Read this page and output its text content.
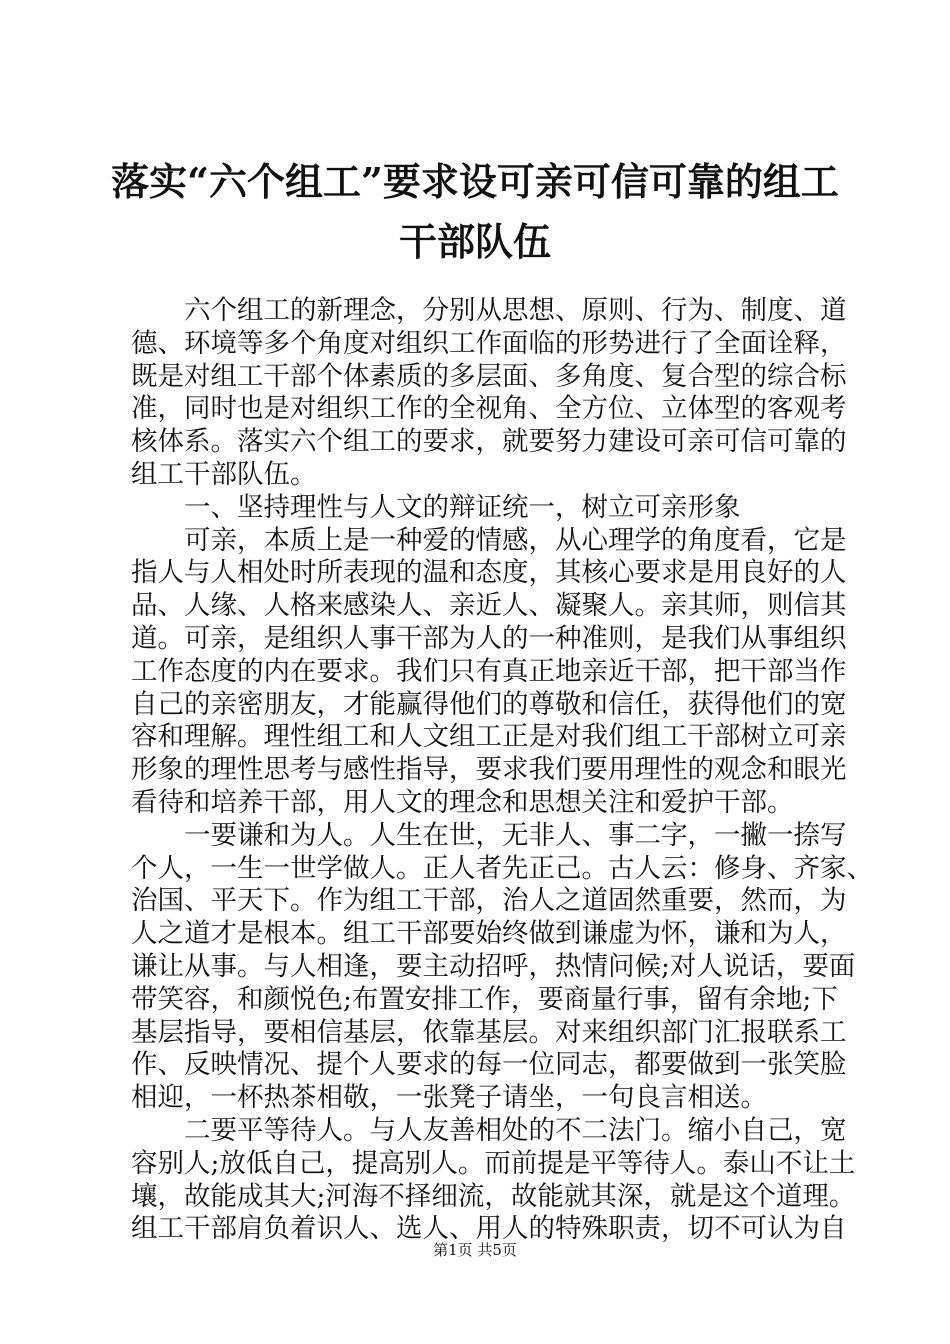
落实“六个组工”要求设可亲可信可靠的组工
干部队伍

　　六个组工的新理念，分别从思想、原则、行为、制度、道

德、环境等多个角度对组织工作面临的形势进行了全面诠释，

既是对组工干部个体素质的多层面、多角度、复合型的综合标

准，同时也是对组织工作的全视角、全方位、立体型的客观考

核体系。落实六个组工的要求，就要努力建设可亲可信可靠的

组工干部队伍。

　　一、坚持理性与人文的辩证统一，树立可亲形象

　　可亲，本质上是一种爱的情感，从心理学的角度看，它是

指人与人相处时所表现的温和态度，其核心要求是用良好的人

品、人缘、人格来感染人、亲近人、凝聚人。亲其师，则信其

道。可亲，是组织人事干部为人的一种准则，是我们从事组织

工作态度的内在要求。我们只有真正地亲近干部，把干部当作

自己的亲密朋友，才能赢得他们的尊敬和信任，获得他们的宽

容和理解。理性组工和人文组工正是对我们组工干部树立可亲

形象的理性思考与感性指导，要求我们要用理性的观念和眼光

看待和培养干部，用人文的理念和思想关注和爱护干部。

　　一要谦和为人。人生在世，无非人、事二字，一撇一捺写

个人，一生一世学做人。正人者先正己。古人云：修身、齐家、

治国、平天下。作为组工干部，治人之道固然重要，然而，为

人之道才是根本。组工干部要始终做到谦虚为怀，谦和为人，

谦让从事。与人相逢，要主动招呼，热情问候;对人说话，要面

带笑容，和颜悦色;布置安排工作，要商量行事，留有余地;下

基层指导，要相信基层，依靠基层。对来组织部门汇报联系工

作、反映情况、提个人要求的每一位同志，都要做到一张笑脸

相迎，一杯热茶相敬，一张凳子请坐，一句良言相送。

　　二要平等待人。与人友善相处的不二法门。缩小自己，宽

容别人;放低自己，提高别人。而前提是平等待人。泰山不让土

壤，故能成其大;河海不择细流，故能就其深，就是这个道理。

组工干部肩负着识人、选人、用人的特殊职责，切不可认为自

第1页 共5页
